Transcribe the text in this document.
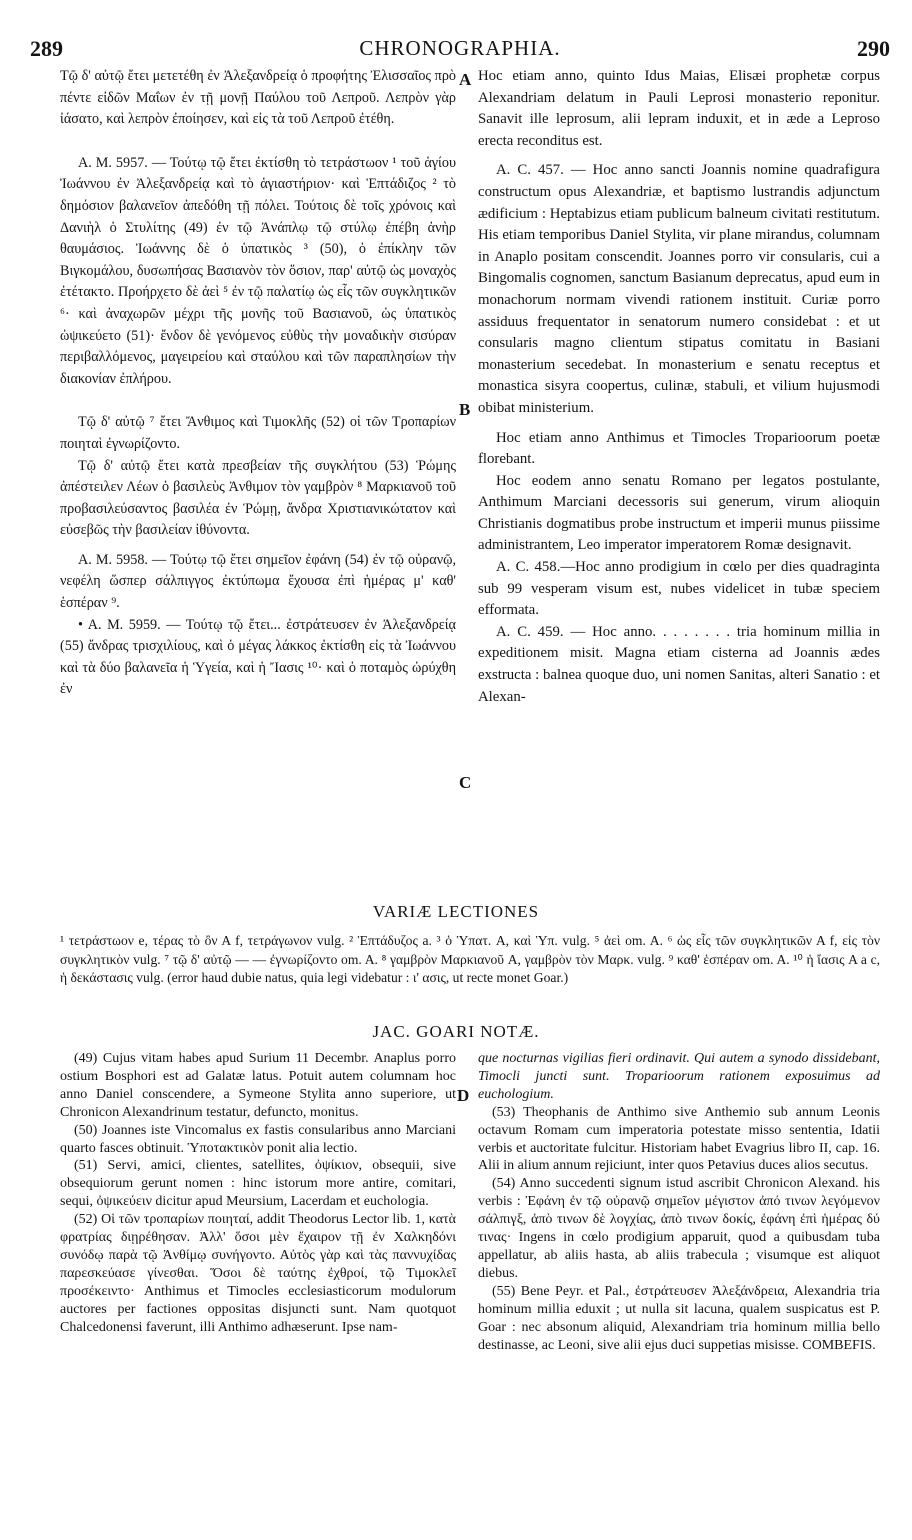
289	CHRONOGRAPHIA.	290
A
B
C
D

Τῷ δ' αὐτῷ ἔτει μετετέθη ἐν Ἀλεξανδρείᾳ ὁ προφήτης Ἐλισσαῖος πρὸ πέντε εἰδῶν Μαΐων ἐν τῇ μονῇ Παύλου τοῦ Λεπροῦ. Λεπρὸν γὰρ ἰάσατο, καὶ λεπρὸν ἐποίησεν, καὶ εἰς τὰ τοῦ Λεπροῦ ἐτέθη.

Α. Μ. 5957. — Τούτῳ τῷ ἔτει ἐκτίσθη τὸ τετράστωον ¹ τοῦ ἁγίου Ἰωάννου ἐν Ἀλεξανδρείᾳ καὶ τὸ ἁγιαστήριον· καὶ Ἑπτάδιζος ² τὸ δημόσιον βαλανεῖον ἀπεδόθη τῇ πόλει. Τούτοις δὲ τοῖς χρόνοις καὶ Δανιὴλ ὁ Στυλίτης (49) ἐν τῷ Ἀνάπλῳ τῷ στύλῳ ἐπέβη ἀνὴρ θαυμάσιος. Ἰωάννης δὲ ὁ ὑπατικὸς ³ (50), ὁ ἐπίκλην τῶν Βιγκομάλου, δυσωπήσας Βασιανὸν τὸν ὅσιον, παρ' αὐτῷ ὡς μοναχὸς ἐτέτακτο. Προήρχετο δὲ ἀεὶ ⁵ ἐν τῷ παλατίῳ ὡς εἷς τῶν συγκλητικῶν ⁶· καὶ ἀναχωρῶν μέχρι τῆς μονῆς τοῦ Βασιανοῦ, ὡς ὑπατικὸς ὠψικεύετο (51)· ἔνδον δὲ γενόμενος εὐθὺς τὴν μοναδικὴν σισύραν περιβαλλόμενος, μαγειρείου καὶ σταύλου καὶ τῶν παραπλησίων τὴν διακονίαν ἐπλήρου.

Τῷ δ' αὐτῷ ⁷ ἔτει Ἄνθιμος καὶ Τιμοκλῆς (52) οἱ τῶν Τροπαρίων ποιηταὶ ἐγνωρίζοντο.

Τῷ δ' αὐτῷ ἔτει κατὰ πρεσβείαν τῆς συγκλήτου (53) Ῥώμης ἀπέστειλεν Λέων ὁ βασιλεὺς Ἀνθιμον τὸν γαμβρὸν ⁸ Μαρκιανοῦ τοῦ προβασιλεύσαντος βασιλέα ἐν Ῥώμῃ, ἄνδρα Χριστιανικώτατον καὶ εὐσεβῶς τὴν βασιλείαν ἰθύνοντα.

Α. Μ. 5958. — Τούτῳ τῷ ἔτει σημεῖον ἐφάνη (54) ἐν τῷ οὐρανῷ, νεφέλη ὥσπερ σάλπιγγος ἐκτύπωμα ἔχουσα ἐπὶ ἡμέρας μ' καθ' ἑσπέραν ⁹.

• Α. Μ. 5959. — Τούτῳ τῷ ἔτει... ἐστράτευσεν ἐν Ἀλεξανδρείᾳ (55) ἄνδρας τρισχιλίους, καὶ ὁ μέγας λάκκος ἐκτίσθη εἰς τὰ Ἰωάννου καὶ τὰ δύο βαλανεῖα ἡ Ὑγεία, καὶ ἡ Ἴασις ¹⁰· καὶ ὁ ποταμὸς ὠρύχθη ἐν

Hoc etiam anno, quinto Idus Maias, Elisæi prophetæ corpus Alexandriam delatum in Pauli Leprosi monasterio reponitur. Sanavit ille leprosum, alii lepram induxit, et in æde a Leproso erecta reconditus est.

A. C. 457. — Hoc anno sancti Joannis nomine quadrafigura constructum opus Alexandriæ, et baptismo lustrandis adjunctum ædificium : Heptabizus etiam publicum balneum civitati restitutum. His etiam temporibus Daniel Stylita, vir plane mirandus, columnam in Anaplo positam conscendit. Joannes porro vir consularis, cui a Bingomalis cognomen, sanctum Basianum deprecatus, apud eum in monachorum normam vivendi rationem instituit. Curiæ porro assiduus frequentator in senatorum numero considebat : et ut consularis magno clientum stipatus comitatu in Basiani monasterium secedebat. In monasterium e senatu receptus et monastica sisyra coopertus, culinæ, stabuli, et vilium hujusmodi obibat ministerium.

Hoc etiam anno Anthimus et Timocles Troparioorum poetæ florebant.

Hoc eodem anno senatu Romano per legatos postulante, Anthimum Marciani decessoris sui generum, virum alioquin Christianis dogmatibus probe instructum et imperii munus piissime administrantem, Leo imperator imperatorem Romæ designavit.

A. C. 458.—Hoc anno prodigium in cœlo per dies quadraginta sub 99 vesperam visum est, nubes videlicet in tubæ speciem efformata.

A. C. 459. — Hoc anno. . . . . . . . tria hominum millia in expeditionem misit. Magna etiam cisterna ad Joannis ædes exstructa : balnea quoque duo, uni nomen Sanitas, alteri Sanatio : et Alexan-

VARIÆ LECTIONES
¹ τετράστωον e, τέρας τὸ ὂν Α f, τετράγωνον vulg. ² Ἑπτάδυζος a. ³ ὁ Ὑπατ. A, καὶ Ὑπ. vulg. ⁵ ἀεὶ om. A. ⁶ ὡς εἷς τῶν συγκλητικῶν Α f, εἰς τὸν συγκλητικὸν vulg. ⁷ τῷ δ' αὐτῷ — — ἐγνωρίζοντο om. A. ⁸ γαμβρὸν Μαρκιανοῦ A, γαμβρὸν τὸν Μαρκ. vulg. ⁹ καθ' ἑσπέραν om. A. ¹⁰ ἡ ἴασις A a c, ἡ δεκάστασις vulg. (error haud dubie natus, quia legi videbatur : ι' ασις, ut recte monet Goar.)
JAC. GOARI NOTÆ.

(49) Cujus vitam habes apud Surium 11 Decembr. Anaplus porro ostium Bosphori est ad Galatæ latus. Potuit autem columnam hoc anno Daniel conscendere, a Symeone Stylita anno superiore, ut Chronicon Alexandrinum testatur, defuncto, monitus.

(50) Joannes iste Vincomalus ex fastis consularibus anno Marciani quarto fasces obtinuit. Ὑποτακτικὸν ponit alia lectio.

(51) Servi, amici, clientes, satellites, ὀψίκιον, obsequii, sive obsequiorum gerunt nomen : hinc istorum more antire, comitari, sequi, ὀψικεύειν dicitur apud Meursium, Lacerdam et euchologia.

(52) Οἱ τῶν τροπαρίων ποιηταί, addit Theodorus Lector lib. 1, κατὰ φρατρίας διῃρέθησαν. Ἀλλ' ὅσοι μὲν ἔχαιρον τῇ ἐν Χαλκηδόνι συνόδῳ παρὰ τῷ Ἀνθίμῳ συνήγοντο. Αὐτὸς γὰρ καὶ τὰς παννυχίδας παρεσκεύασε γίνεσθαι. Ὅσοι δὲ ταύτης ἐχθροί, τῷ Τιμοκλεῖ προσέκειντο· Anthimus et Timocles ecclesiasticorum modulorum auctores per factiones oppositas disjuncti sunt. Nam quotquot Chalcedonensi faverunt, illi Anthimo adhæserunt. Ipse nam-

que nocturnas vigilias fieri ordinavit. Qui autem a synodo dissidebant, Timocli juncti sunt. Troparioorum rationem exposuimus ad euchologium.

(53) Theophanis de Anthimo sive Anthemio sub annum Leonis octavum Romam cum imperatoria potestate misso sententia, Idatii verbis et auctoritate fulcitur. Historiam habet Evagrius libro II, cap. 16. Alii in alium annum rejiciunt, inter quos Petavius duces alios secutus.

(54) Anno succedenti signum istud ascribit Chronicon Alexand. his verbis : Ἐφάνη ἐν τῷ οὐρανῷ σημεῖον μέγιστον ἀπό τινων λεγόμενον σάλπιγξ, ἀπὸ τινων δὲ λογχίας, ἀπὸ τινων δοκίς, ἐφάνη ἐπὶ ἡμέρας δύ τινας· Ingens in cœlo prodigium apparuit, quod a quibusdam tuba appellatur, ab aliis hasta, ab aliis trabecula ; visumque est aliquot diebus.

(55) Bene Peyr. et Pal., ἐστράτευσεν Ἀλεξάνδρεια, Alexandria tria hominum millia eduxit ; ut nulla sit lacuna, qualem suspicatus est P. Goar : nec absonum aliquid, Alexandriam tria hominum millia bello destinasse, ac Leoni, sive alii ejus duci suppetias misisse. COMBEFIS.
